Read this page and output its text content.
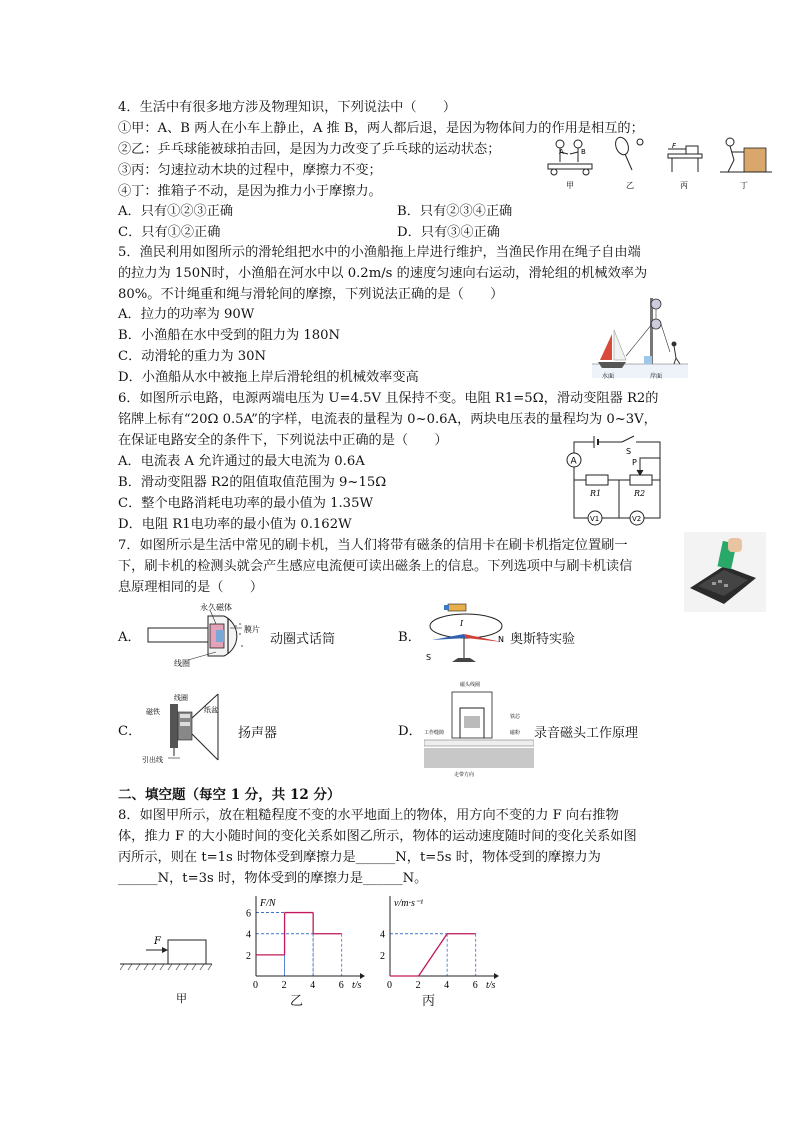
4．生活中有很多地方涉及物理知识，下列说法中（　　）
①甲：A、B 两人在小车上静止，A 推 B，两人都后退，是因为物体间力的作用是相互的；
②乙：乒乓球能被球拍击回，是因为力改变了乒乓球的运动状态；
③丙：匀速拉动木块的过程中，摩擦力不变；
④丁：推箱子不动，是因为推力小于摩擦力。
A．只有①②③正确	B．只有②③④正确
C．只有①②正确	D．只有③④正确
A B
F
甲	乙	丙	丁
5．渔民利用如图所示的滑轮组把水中的小渔船拖上岸进行维护，当渔民作用在绳子自由端
的拉力为 150N时，小渔船在河水中以 0.2m/s 的速度匀速向右运动，滑轮组的机械效率为
80%。不计绳重和绳与滑轮间的摩擦，下列说法正确的是（　　）
A．拉力的功率为 90W
B．小渔船在水中受到的阻力为 180N
C．动滑轮的重力为 30N
D．小渔船从水中被拖上岸后滑轮组的机械效率变高	水面	岸面
6．如图所示电路，电源两端电压为 U=4.5V 且保持不变。电阻 R1=5Ω，滑动变阻器 R2的
铭牌上标有“20Ω 0.5A”的字样，电流表的量程为 0~0.6A，两块电压表的量程均为 0~3V，
在保证电路安全的条件下，下列说法中正确的是（　　）
A．电流表 A 允许通过的最大电流为 0.6A
B．滑动变阻器 R2的阻值取值范围为 9~15Ω
C．整个电路消耗电功率的最小值为 1.35W
D．电阻 R1电功率的最小值为 0.162W
A
V1	V2
S
P
R1	R2
7．如图所示是生活中常见的刷卡机，当人们将带有磁条的信用卡在刷卡机指定位置刷一
下，刷卡机的检测头就会产生感应电流便可读出磁条上的信息。下列选项中与刷卡机读信
息原理相同的是（　　）
A．
永久磁体
膜片
线圈
动圈式话筒	B．
I
S
N 奥斯特实验
C．
线圈
磁铁	纸盆
引出线
扬声器	D．
磁头线圈
铁芯
工作缝隙	磁粉
走带方向
录音磁头工作原理
二、填空题（每空 1 分，共 12 分）
8．如图甲所示，放在粗糙程度不变的水平地面上的物体，用方向不变的力 F 向右推物
体，推力 F 的大小随时间的变化关系如图乙所示，物体的运动速度随时间的变化关系如图
丙所示，则在 t=1s 时物体受到摩擦力是______N，t=5s 时，物体受到的摩擦力为
______N，t=3s 时，物体受到的摩擦力是______N。
F
甲
0 2 4 6
2
4
6
t/s
F/N
乙
0 2 4 6
2
4
t/s
v/m·s⁻¹
丙
